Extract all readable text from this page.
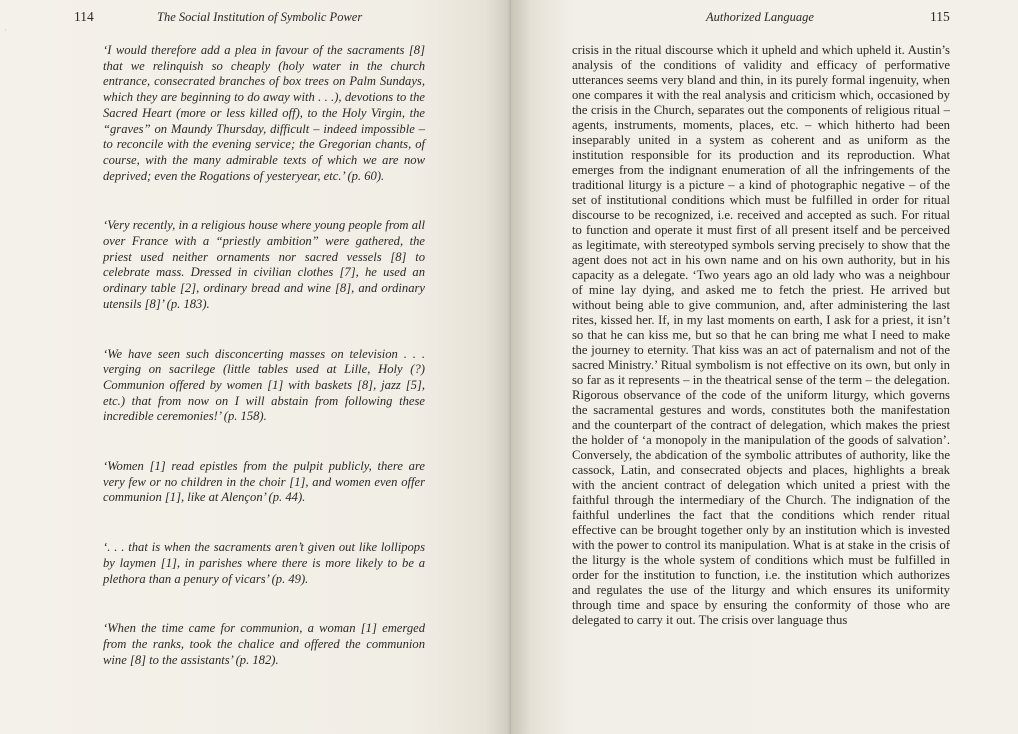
·
114	The Social Institution of Symbolic Power

‘I would therefore add a plea in favour of the sacraments [8] that we relinquish so cheaply (holy water in the church entrance, consecrated branches of box trees on Palm Sundays, which they are beginning to do away with . . .), devotions to the Sacred Heart (more or less killed off), to the Holy Virgin, the “graves” on Maundy Thursday, difficult – indeed impossible – to reconcile with the evening service; the Gregorian chants, of course, with the many admirable texts of which we are now deprived; even the Rogations of yesteryear, etc.’ (p. 60).

‘Very recently, in a religious house where young people from all over France with a “priestly ambition” were gathered, the priest used neither ornaments nor sacred vessels [8] to celebrate mass. Dressed in civilian clothes [7], he used an ordinary table [2], ordinary bread and wine [8], and ordinary utensils [8]’ (p. 183).

‘We have seen such disconcerting masses on television . . . verging on sacrilege (little tables used at Lille, Holy (?) Communion offered by women [1] with baskets [8], jazz [5], etc.) that from now on I will abstain from following these incredible ceremonies!’ (p. 158).

‘Women [1] read epistles from the pulpit publicly, there are very few or no children in the choir [1], and women even offer communion [1], like at Alençon’ (p. 44).

‘. . . that is when the sacraments aren’t given out like lollipops by laymen [1], in parishes where there is more likely to be a plethora than a penury of vicars’ (p. 49).

‘When the time came for communion, a woman [1] emerged from the ranks, took the chalice and offered the communion wine [8] to the assistants’ (p. 182).

Authorized Language	115

crisis in the ritual discourse which it upheld and which upheld it. Austin’s analysis of the conditions of validity and efficacy of performative utterances seems very bland and thin, in its purely formal ingenuity, when one compares it with the real analysis and criticism which, occasioned by the crisis in the Church, separates out the components of religious ritual – agents, instruments, moments, places, etc. – which hitherto had been inseparably united in a system as coherent and as uniform as the institution responsible for its production and its reproduction. What emerges from the indignant enumeration of all the infringements of the traditional liturgy is a picture – a kind of photographic negative – of the set of institutional conditions which must be fulfilled in order for ritual discourse to be recognized, i.e. received and accepted as such. For ritual to function and operate it must first of all present itself and be perceived as legitimate, with stereotyped symbols serving precisely to show that the agent does not act in his own name and on his own authority, but in his capacity as a delegate. ‘Two years ago an old lady who was a neighbour of mine lay dying, and asked me to fetch the priest. He arrived but without being able to give communion, and, after administering the last rites, kissed her. If, in my last moments on earth, I ask for a priest, it isn’t so that he can kiss me, but so that he can bring me what I need to make the journey to eternity. That kiss was an act of paternalism and not of the sacred Ministry.’ Ritual symbolism is not effective on its own, but only in so far as it represents – in the theatrical sense of the term – the delegation. Rigorous observance of the code of the uniform liturgy, which governs the sacramental gestures and words, constitutes both the manifestation and the counterpart of the contract of delegation, which makes the priest the holder of ‘a monopoly in the manipulation of the goods of salvation’. Conversely, the abdication of the symbolic attributes of authority, like the cassock, Latin, and consecrated objects and places, highlights a break with the ancient contract of delegation which united a priest with the faithful through the intermediary of the Church. The indignation of the faithful underlines the fact that the conditions which render ritual effective can be brought together only by an institution which is invested with the power to control its manipulation. What is at stake in the crisis of the liturgy is the whole system of conditions which must be fulfilled in order for the institution to function, i.e. the institution which authorizes and regulates the use of the liturgy and which ensures its uniformity through time and space by ensuring the conformity of those who are delegated to carry it out. The crisis over language thus
